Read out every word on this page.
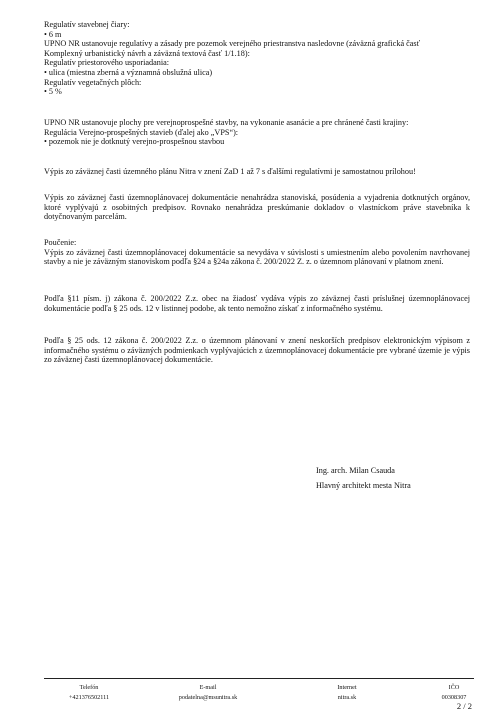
Regulatív stavebnej čiary:
• 6 m
UPNO NR ustanovuje regulatívy a zásady pre pozemok verejného priestranstva nasledovne (záväzná grafická časť
Komplexný urbanistický návrh a záväzná textová časť 1/1.18):
Regulatív priestorového usporiadania:
• ulica (miestna zberná a významná obslužná ulica)
Regulatív vegetačných plôch:
• 5 %
UPNO NR ustanovuje plochy pre verejnoprospešné stavby, na vykonanie asanácie a pre chránené časti krajiny:
Regulácia Verejno-prospešných stavieb (ďalej ako „VPS“):
• pozemok nie je dotknutý verejno-prospešnou stavbou
Výpis zo záväznej časti územného plánu Nitra v znení ZaD 1 až 7 s ďalšími regulatívmi je samostatnou prílohou!
Výpis zo záväznej časti územnoplánovacej dokumentácie nenahrádza stanoviská, posúdenia a vyjadrenia dotknutých orgánov, ktoré vyplývajú z osobitných predpisov. Rovnako nenahrádza preskúmanie dokladov o vlastníckom práve stavebníka k dotyčnovaným parcelám.
Poučenie:
Výpis zo záväznej časti územnoplánovacej dokumentácie sa nevydáva v súvislosti s umiestnením alebo povolením navrhovanej stavby a nie je záväzným stanoviskom podľa §24 a §24a zákona č. 200/2022 Z. z. o územnom plánovaní v platnom znení.
Podľa §11 písm. j) zákona č. 200/2022 Z.z. obec na žiadosť vydáva výpis zo záväznej časti príslušnej územnoplánovacej dokumentácie podľa § 25 ods. 12 v listinnej podobe, ak tento nemožno získať z informačného systému.
Podľa § 25 ods. 12 zákona č. 200/2022 Z.z. o územnom plánovaní v znení neskorších predpisov elektronickým výpisom z informačného systému o záväzných podmienkach vyplývajúcich z územnoplánovacej dokumentácie pre vybrané územie je výpis zo záväznej časti územnoplánovacej dokumentácie.
Ing. arch. Milan Csauda
Hlavný architekt mesta Nitra
Telefón
+421376502111
E-mail
podatelna@msunitra.sk
Internet
nitra.sk
IČO
00308307
2 / 2
